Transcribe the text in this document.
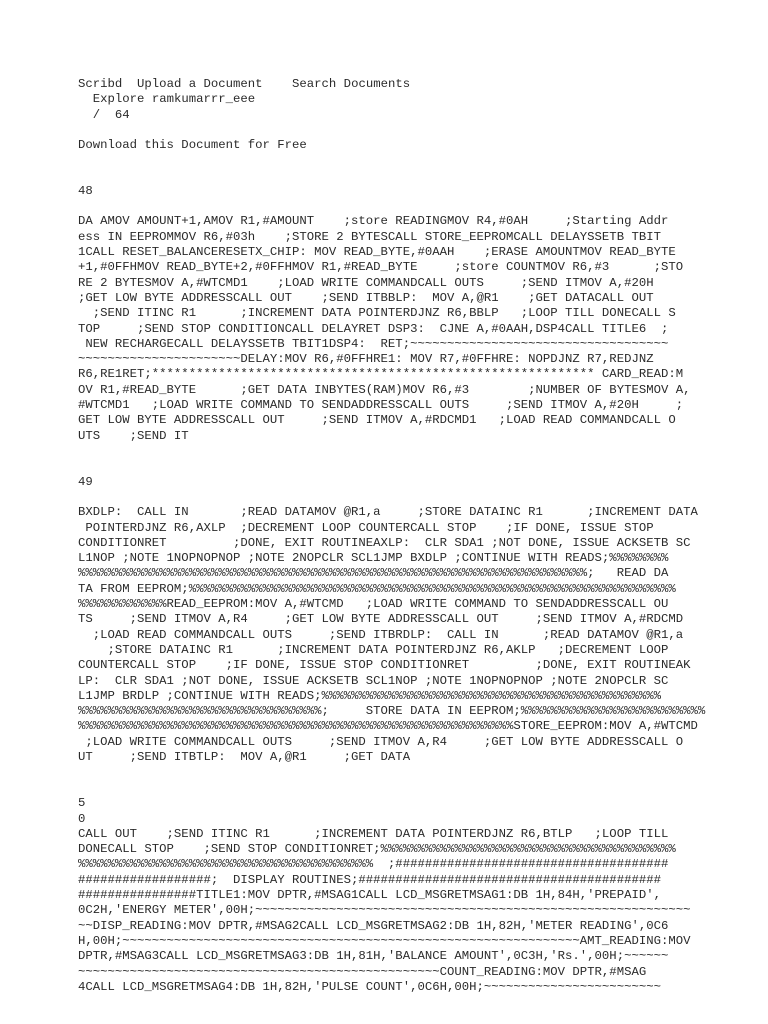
Scribd Upload a Document Search Documents
Explore ramkumarrr_eee
/ 64
Download this Document for Free
48
DA AMOV AMOUNT+1,AMOV R1,#AMOUNT    ;store READINGMOV R4,#0AH     ;Starting Addr
ess IN EEPROMMOV R6,#03h    ;STORE 2 BYTESCALL STORE_EEPROMCALL DELAYSSETB TBIT
1CALL RESET_BALANCERESETX_CHIP: MOV READ_BYTE,#0AAH    ;ERASE AMOUNTMOV READ_BYTE
+1,#0FFHMOV READ_BYTE+2,#0FFHMOV R1,#READ_BYTE     ;store COUNTMOV R6,#3      ;STO
RE 2 BYTESMOV A,#WTCMD1    ;LOAD WRITE COMMANDCALL OUTS     ;SEND ITMOV A,#20H
;GET LOW BYTE ADDRESSCALL OUT    ;SEND ITBBLP:  MOV A,@R1    ;GET DATACALL OUT
;SEND ITINC R1      ;INCREMENT DATA POINTERDJNZ R6,BBLP   ;LOOP TILL DONECALL S
TOP     ;SEND STOP CONDITIONCALL DELAYRET DSP3:  CJNE A,#0AAH,DSP4CALL TITLE6  ;
NEW RECHARGECALL DELAYSSETB TBIT1DSP4:  RET;~~~~~~~~~~~~~~~~~~~~~~~~~~~~~~~~~~~
~~~~~~~~~~~~~~~~~~~~~~DELAY:MOV R6,#0FFHRE1: MOV R7,#0FFHRE: NOPDJNZ R7,REDJNZ
R6,RE1RET;************************************************************ CARD_READ:M
OV R1,#READ_BYTE      ;GET DATA INBYTES(RAM)MOV R6,#3        ;NUMBER OF BYTESMOV A,
#WTCMD1   ;LOAD WRITE COMMAND TO SENDADDRESSCALL OUTS     ;SEND ITMOV A,#20H     ;
GET LOW BYTE ADDRESSCALL OUT     ;SEND ITMOV A,#RDCMD1   ;LOAD READ COMMANDCALL O
UTS    ;SEND IT
49
BXDLP:  CALL IN       ;READ DATAMOV @R1,a     ;STORE DATAINC R1      ;INCREMENT DATA
POINTERDJNZ R6,AXLP  ;DECREMENT LOOP COUNTERCALL STOP    ;IF DONE, ISSUE STOP
CONDITIONRET         ;DONE, EXIT ROUTINEAXLP:  CLR SDA1 ;NOT DONE, ISSUE ACKSETB SC
L1NOP ;NOTE 1NOPNOPNOP ;NOTE 2NOPCLR SCL1JMP BXDLP ;CONTINUE WITH READS;%%%%%%%%
%%%%%%%%%%%%%%%%%%%%%%%%%%%%%%%%%%%%%%%%%%%%%%%%%%%%%%%%%%%%%%%%%%%%%;   READ DA
TA FROM EEPROM;%%%%%%%%%%%%%%%%%%%%%%%%%%%%%%%%%%%%%%%%%%%%%%%%%%%%%%%%%%%%%%%%%%
%%%%%%%%%%%%READ_EEPROM:MOV A,#WTCMD   ;LOAD WRITE COMMAND TO SENDADDRESSCALL OU
TS     ;SEND ITMOV A,R4     ;GET LOW BYTE ADDRESSCALL OUT     ;SEND ITMOV A,#RDCMD
;LOAD READ COMMANDCALL OUTS     ;SEND ITBRDLP:  CALL IN      ;READ DATAMOV @R1,a
;STORE DATAINC R1      ;INCREMENT DATA POINTERDJNZ R6,AKLP   ;DECREMENT LOOP
COUNTERCALL STOP    ;IF DONE, ISSUE STOP CONDITIONRET         ;DONE, EXIT ROUTINEAK
LP:  CLR SDA1 ;NOT DONE, ISSUE ACKSETB SCL1NOP ;NOTE 1NOPNOPNOP ;NOTE 2NOPCLR SC
L1JMP BRDLP ;CONTINUE WITH READS;%%%%%%%%%%%%%%%%%%%%%%%%%%%%%%%%%%%%%%%%%%%%%%
%%%%%%%%%%%%%%%%%%%%%%%%%%%%%%%%%;     STORE DATA IN EEPROM;%%%%%%%%%%%%%%%%%%%%%%%%%
%%%%%%%%%%%%%%%%%%%%%%%%%%%%%%%%%%%%%%%%%%%%%%%%%%%%%%%%%%%STORE_EEPROM:MOV A,#WTCMD
;LOAD WRITE COMMANDCALL OUTS     ;SEND ITMOV A,R4     ;GET LOW BYTE ADDRESSCALL O
UT     ;SEND ITBTLP:  MOV A,@R1     ;GET DATA
5
0
CALL OUT    ;SEND ITINC R1      ;INCREMENT DATA POINTERDJNZ R6,BTLP   ;LOOP TILL
DONECALL STOP    ;SEND STOP CONDITIONRET;%%%%%%%%%%%%%%%%%%%%%%%%%%%%%%%%%%%%%%%%
%%%%%%%%%%%%%%%%%%%%%%%%%%%%%%%%%%%%%%%%  ;#####################################
##################;  DISPLAY ROUTINES;#########################################
################TITLE1:MOV DPTR,#MSAG1CALL LCD_MSGRETMSAG1:DB 1H,84H,'PREPAID',
0C2H,'ENERGY METER',00H;~~~~~~~~~~~~~~~~~~~~~~~~~~~~~~~~~~~~~~~~~~~~~~~~~~~~~~~~~~~
~~DISP_READING:MOV DPTR,#MSAG2CALL LCD_MSGRETMSAG2:DB 1H,82H,'METER READING',0C6
H,00H;~~~~~~~~~~~~~~~~~~~~~~~~~~~~~~~~~~~~~~~~~~~~~~~~~~~~~~~~~~~~~~AMT_READING:MOV
DPTR,#MSAG3CALL LCD_MSGRETMSAG3:DB 1H,81H,'BALANCE AMOUNT',0C3H,'Rs.',00H;~~~~~~
~~~~~~~~~~~~~~~~~~~~~~~~~~~~~~~~~~~~~~~~~~~~~~~~~COUNT_READING:MOV DPTR,#MSAG
4CALL LCD_MSGRETMSAG4:DB 1H,82H,'PULSE COUNT',0C6H,00H;~~~~~~~~~~~~~~~~~~~~~~~~
